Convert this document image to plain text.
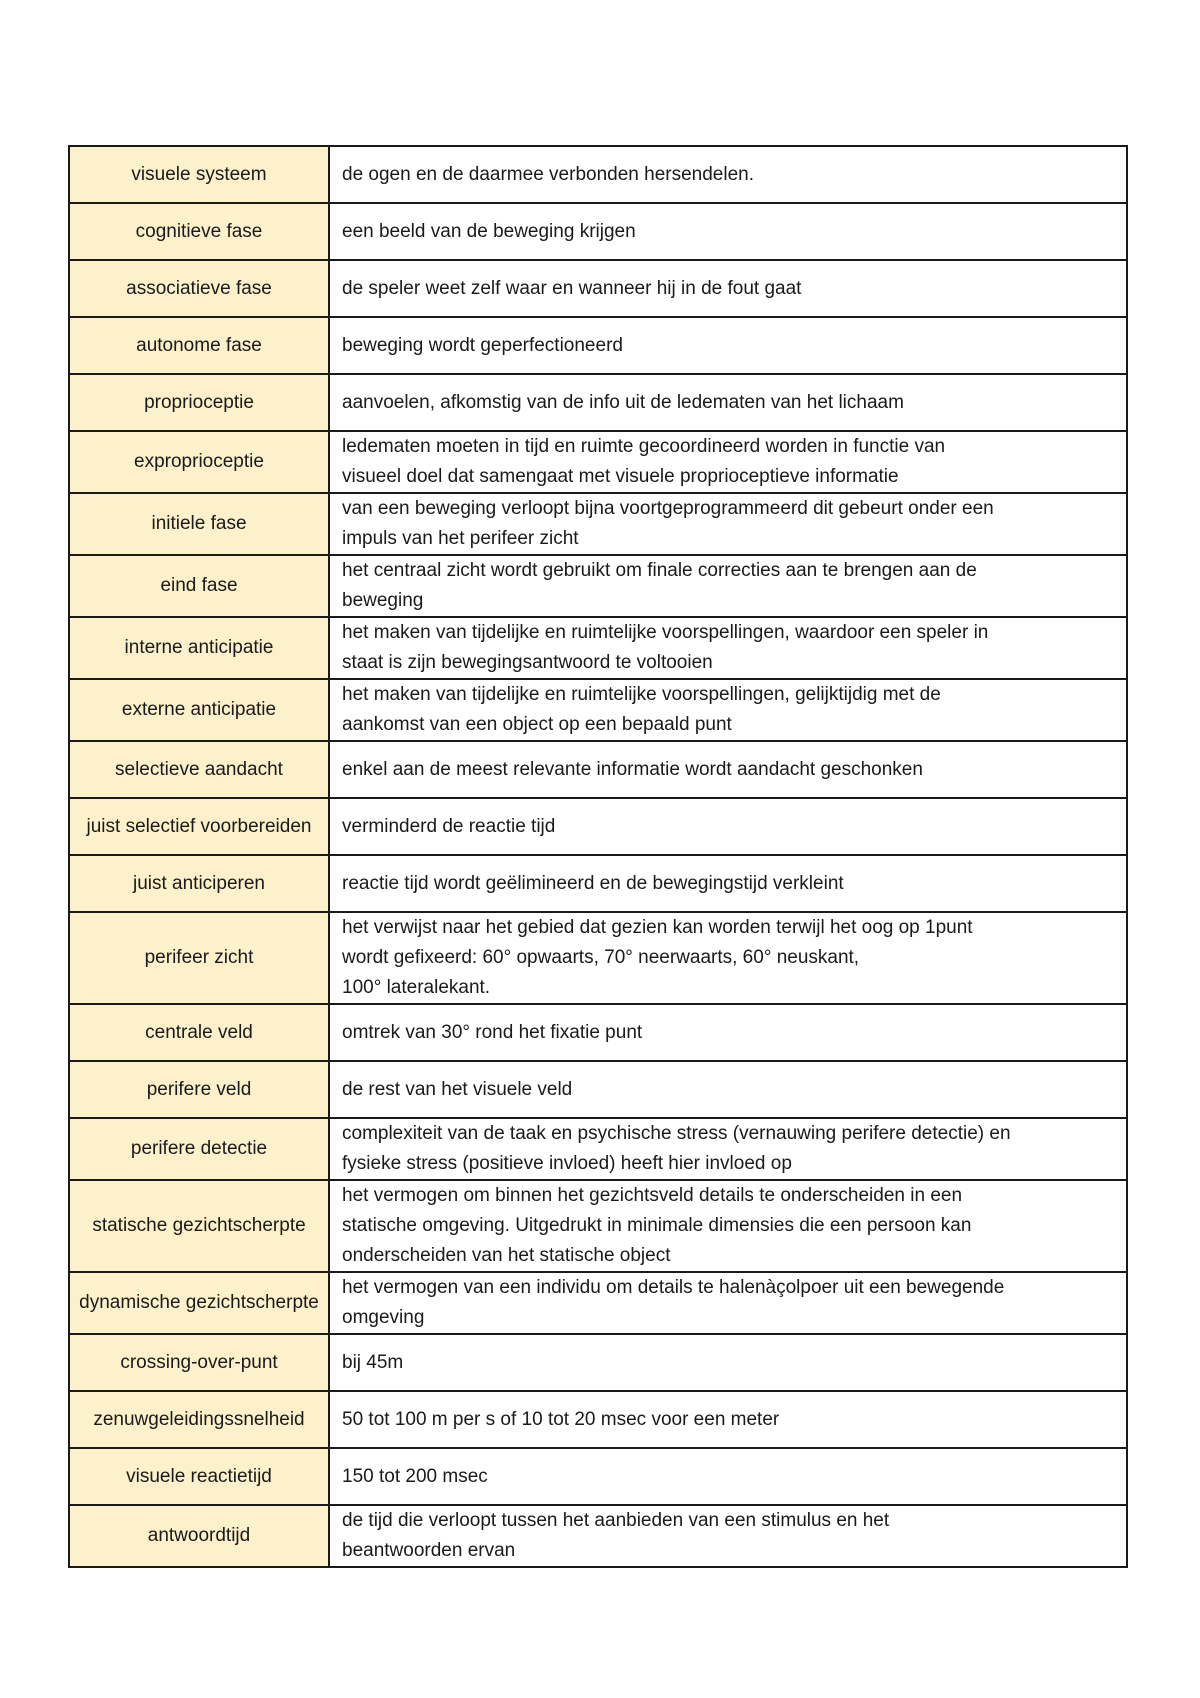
visuele systeem	de ogen en de daarmee verbonden hersendelen.

cognitieve fase	een beeld van de beweging krijgen

associatieve fase	de speler weet zelf waar en wanneer hij in de fout gaat

autonome fase	beweging wordt geperfectioneerd

proprioceptie	aanvoelen, afkomstig van de info uit de ledematen van het lichaam

exproprioceptie	ledematen moeten in tijd en ruimte gecoordineerd worden in functie van
visueel doel dat samengaat met visuele proprioceptieve informatie

initiele fase	van een beweging verloopt bijna voortgeprogrammeerd dit gebeurt onder een
impuls van het perifeer zicht

eind fase	het centraal zicht wordt gebruikt om finale correcties aan te brengen aan de
beweging

interne anticipatie	het maken van tijdelijke en ruimtelijke voorspellingen, waardoor een speler in
staat is zijn bewegingsantwoord te voltooien

externe anticipatie	het maken van tijdelijke en ruimtelijke voorspellingen, gelijktijdig met de
aankomst van een object op een bepaald punt

selectieve aandacht	enkel aan de meest relevante informatie wordt aandacht geschonken

juist selectief voorbereiden	verminderd de reactie tijd

juist anticiperen	reactie tijd wordt geëlimineerd en de bewegingstijd verkleint

perifeer zicht	het verwijst naar het gebied dat gezien kan worden terwijl het oog op 1punt
wordt gefixeerd: 60° opwaarts, 70° neerwaarts, 60° neuskant,
100° lateralekant.

centrale veld	omtrek van 30° rond het fixatie punt

perifere veld	de rest van het visuele veld

perifere detectie	complexiteit van de taak en psychische stress (vernauwing perifere detectie) en
fysieke stress (positieve invloed) heeft hier invloed op

statische gezichtscherpte	het vermogen om binnen het gezichtsveld details te onderscheiden in een
statische omgeving. Uitgedrukt in minimale dimensies die een persoon kan
onderscheiden van het statische object

dynamische gezichtscherpte	het vermogen van een individu om details te halenàçolpoer uit een bewegende
omgeving

crossing-over-punt	bij 45m

zenuwgeleidingssnelheid	50 tot 100 m per s of 10 tot 20 msec voor een meter

visuele reactietijd	150 tot 200 msec

antwoordtijd	de tijd die verloopt tussen het aanbieden van een stimulus en het
beantwoorden ervan
